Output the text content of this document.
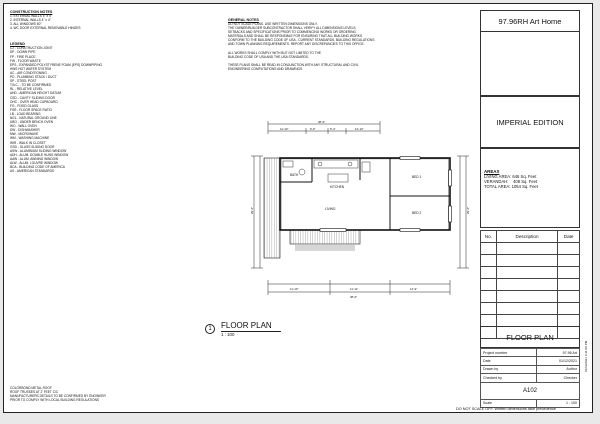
CONSTRUCTION NOTES
1. EXTERNAL WALLS 4" x 4"
2. INTERNAL WALLS 4" x 4"
3. ALL WINDOWS 60"
4. WC DOOR EXTERNAL REMOVABLE HINGES
LEGEND
CJ - CONSTRUCTION JOINT
DP - DOWN PIPE
FP - FIRE PLACE
FW - FLOOR WASTE
EPS - EXPANDED POLYSTYRENE FOAM (EPS) DOWNPIPING
HWS HOT WATER SYSTEM
AC - AIR CONDITIONING
PD - PLUMBING STACK / DUCT
SP - STEEL POST
T.B.C. - TO BE CONFIRMED
RL - RELATIVE LEVEL
AHD - AMERICAN HEIGHT DATUM
CSD - CAVITY SLIDING DOOR
OHC - OVER HEAD CUPBOARD
FG - FIXED GLASS
FSR - FLOOR SPACE RATIO
LB - LOAD BEARING
NGL - NATURAL GROUND LINE
UBO - UNDER BENCH OVEN
WO - WALL OVEN
DW - DISHWASHER
MW - MICROWAVE
WM - WASHING MACHINE
WIR - WALK IN CLOSET
GSD - GLASS SLIDING DOOR
ASW - ALUMINIUM SLIDING WINDOW
ADH - ALUM. DOUBLE HUNG WINDOW
AAW - ALUM. AWNING WINDOW
ALW - ALUM. LOUVRE WINDOW
BCA - BUILDING CODE OF AMERICA
AS - AMERICAN STANDARDS
GENERAL NOTES
DO NOT SCALE PLANS. USE WRITTEN DIMENSIONS ONLY.
THE OWNER/BUILDER SUBCONTRACTOR SHALL VERIFY ALL DIMENSIONS LEVELS,
SETBACKS AND SPECIFICATIONS PRIOR TO COMMENCING WORKS OR ORDERING
MATERIALS AND SHALL BE RESPONSIBLE FOR ENSURING THAT ALL BUILDING WORKS
CONFORM TO THE BUILDING CODE OF USA - CURRENT STANDARDS, BUILDING REGULATIONS
AND TOWN PLANNING REQUIREMENTS. REPORT ANY DISCREPANCIES TO THIS OFFICE.
ALL WORKS SHALL COMPLY WITH BUT NOT LIMITED TO THE
BUILDING CODE OF USA AND THE USA STANDARDS.
THESE PLANS SHALL BE READ IN CONJUNCTION WITH ANY STRUCTURAL AND CIVIL
ENGINEERING COMPUTATIONS AND DRAWINGS.
BATH
KITCHEN
BED 1
LIVING
BED 2
38'-6"
11'-10"	6'-6"	5'-4"	14'-10"
38'-6"
11'-10"	11'-11"	14'-9"
29'-2"	29'-2"
1	FLOOR PLAN
1 : 100
COLORBOND METAL ROOF
ROOF TRUSSES AT 2' FEET C/C
MANUFACTURERS DETAILS TO BE CONFIRMED BY ENGINEER
PRIOR TO COMPLY WITH LOCAL BUILDING REGULATIONS
97.96RH Art Home
IMPERIAL EDITION
AREAS
LIVING AREA: 646 Sq. Feet
VERANDAH:    408 Sq. Feet
TOTAL AREA: 1054 Sq. Feet
No.	Description	Date

FLOOR PLAN
Project number	97.96 Art
Date	01/12/2021
Drawn by	Author
Checked by	Checker
A102	
Scale	1 : 100
01/12/2021 4:31:00 PM
DO NOT SCALE OFF. Written dimensions take precedence
